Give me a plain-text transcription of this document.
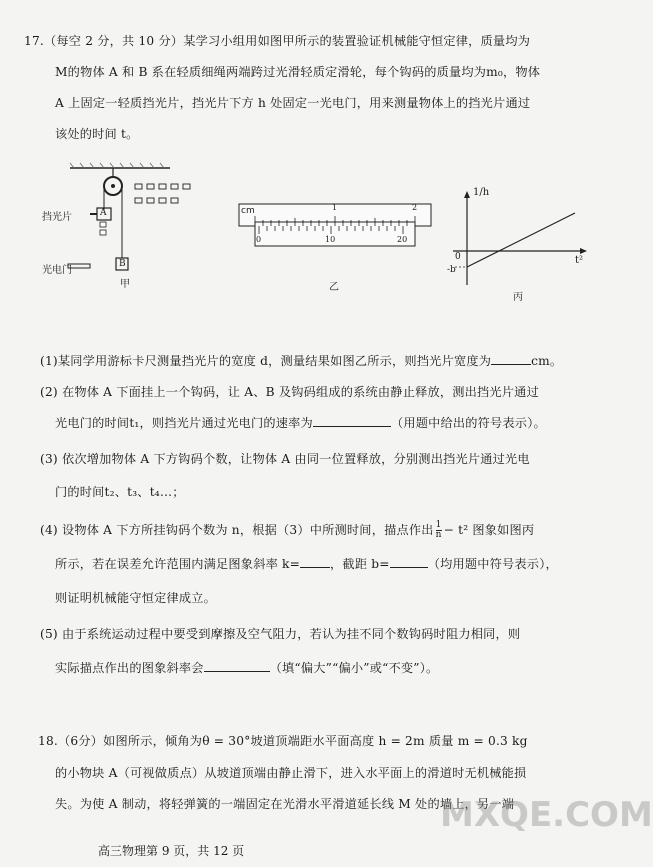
17.（每空 2 分，共 10 分）某学习小组用如图甲所示的装置验证机械能守恒定律，质量均为
M的物体 A 和 B 系在轻质细绳两端跨过光滑轻质定滑轮，每个钩码的质量均为m₀，物体
A 上固定一轻质挡光片，挡光片下方 h 处固定一光电门，用来测量物体上的挡光片通过
该处的时间 t。
挡光片	A
B
光电门
甲
cm	1	2
0	10	20
乙
1/h
t²
0
-b
丙
(1)某同学用游标卡尺测量挡光片的宽度 d，测量结果如图乙所示，则挡光片宽度为	cm。
(2) 在物体 A 下面挂上一个钩码，让 A、B 及钩码组成的系统由静止释放，测出挡光片通过
光电门的时间t₁，则挡光片通过光电门的速率为	（用题中给出的符号表示）。
(3) 依次增加物体 A 下方钩码个数，让物体 A 由同一位置释放，分别测出挡光片通过光电
门的时间t₂、t₃、t₄…；
(4) 设物体 A 下方所挂钩码个数为 n，根据（3）中所测时间，描点作出 $\frac{1}{n} - t^2$ 图象如图丙
所示，若在误差允许范围内满足图象斜率 k= ，截距 b=	（均用题中符号表示），
则证明机械能守恒定律成立。
(5) 由于系统运动过程中要受到摩擦及空气阻力，若认为挂不同个数钩码时阻力相同，则
实际描点作出的图象斜率会	（填“偏大”“偏小”或“不变”）。
18.（6分）如图所示，倾角为θ = 30°坡道顶端距水平面高度 h = 2m 质量 m = 0.3 kg
的小物块 A（可视做质点）从坡道顶端由静止滑下，进入水平面上的滑道时无机械能损
失。为使 A 制动，将轻弹簧的一端固定在光滑水平滑道延长线 M 处的墙上，另一端
高三物理第 9 页，共 12 页
MXQE.COM
